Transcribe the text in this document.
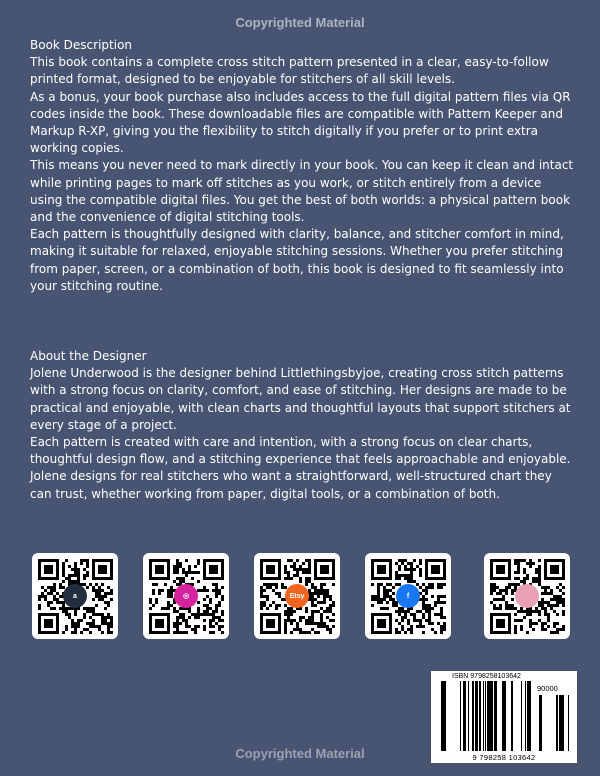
Copyrighted Material

Book Description

This book contains a complete cross stitch pattern presented in a clear, easy-to-follow printed format, designed to be enjoyable for stitchers of all skill levels.

As a bonus, your book purchase also includes access to the full digital pattern files via QR codes inside the book. These downloadable files are compatible with Pattern Keeper and Markup R-XP, giving you the flexibility to stitch digitally if you prefer or to print extra working copies.

This means you never need to mark directly in your book. You can keep it clean and intact while printing pages to mark off stitches as you work, or stitch entirely from a device using the compatible digital files. You get the best of both worlds: a physical pattern book and the convenience of digital stitching tools.

Each pattern is thoughtfully designed with clarity, balance, and stitcher comfort in mind, making it suitable for relaxed, enjoyable stitching sessions. Whether you prefer stitching from paper, screen, or a combination of both, this book is designed to fit seamlessly into your stitching routine.

About the Designer

Jolene Underwood is the designer behind Littlethingsbyjoe, creating cross stitch patterns with a strong focus on clarity, comfort, and ease of stitching. Her designs are made to be practical and enjoyable, with clean charts and thoughtful layouts that support stitchers at every stage of a project.

Each pattern is created with care and intention, with a strong focus on clear charts, thoughtful design flow, and a stitching experience that feels approachable and enjoyable. Jolene designs for real stitchers who want a straightforward, well-structured chart they can trust, whether working from paper, digital tools, or a combination of both.

a	◎	Etsy	f
ISBN 9798258103642
90000
9 798258 103642
Copyrighted Material
